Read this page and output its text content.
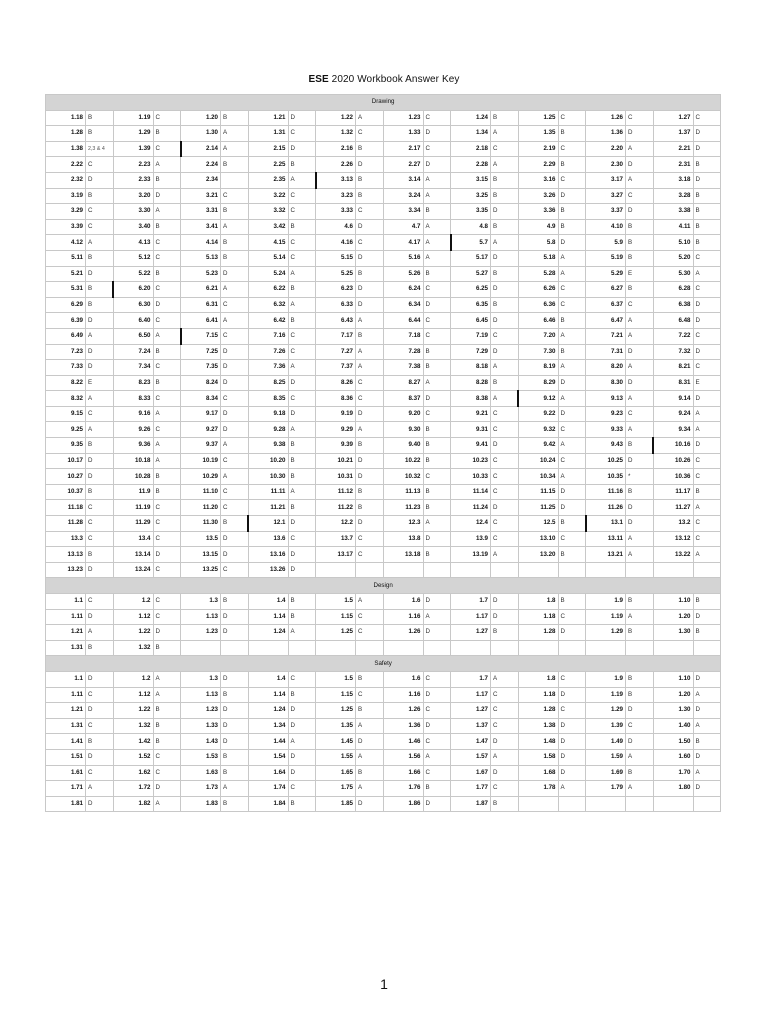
ESE 2020 Workbook Answer Key
Drawing																			
1.18	B	1.19	C	1.20	B	1.21	D	1.22	A	1.23	C	1.24	B	1.25	C	1.26	C	1.27	C
1.28	B	1.29	B	1.30	A	1.31	C	1.32	C	1.33	D	1.34	A	1.35	B	1.36	D	1.37	D
1.38	2,3 & 4	1.39	C	2.14	A	2.15	D	2.16	B	2.17	C	2.18	C	2.19	C	2.20	A	2.21	D
2.22	C	2.23	A	2.24	B	2.25	B	2.26	D	2.27	D	2.28	A	2.29	B	2.30	D	2.31	B
2.32	D	2.33	B	2.34		2.35	A	3.13	B	3.14	A	3.15	B	3.16	C	3.17	A	3.18	D
3.19	B	3.20	D	3.21	C	3.22	C	3.23	B	3.24	A	3.25	B	3.26	D	3.27	C	3.28	B
3.29	C	3.30	A	3.31	B	3.32	C	3.33	C	3.34	B	3.35	D	3.36	B	3.37	D	3.38	B
3.39	C	3.40	B	3.41	A	3.42	B	4.6	D	4.7	A	4.8	B	4.9	B	4.10	B	4.11	B
4.12	A	4.13	C	4.14	B	4.15	C	4.16	C	4.17	A	5.7	A	5.8	D	5.9	B	5.10	B
5.11	B	5.12	C	5.13	B	5.14	C	5.15	D	5.16	A	5.17	D	5.18	A	5.19	B	5.20	C
5.21	D	5.22	B	5.23	D	5.24	A	5.25	B	5.26	B	5.27	B	5.28	A	5.29	E	5.30	A
5.31	B	6.20	C	6.21	A	6.22	B	6.23	D	6.24	C	6.25	D	6.26	C	6.27	B	6.28	C
6.29	B	6.30	D	6.31	C	6.32	A	6.33	D	6.34	D	6.35	B	6.36	C	6.37	C	6.38	D
6.39	D	6.40	C	6.41	A	6.42	B	6.43	A	6.44	C	6.45	D	6.46	B	6.47	A	6.48	D
6.49	A	6.50	A	7.15	C	7.16	C	7.17	B	7.18	C	7.19	C	7.20	A	7.21	A	7.22	C
7.23	D	7.24	B	7.25	D	7.26	C	7.27	A	7.28	B	7.29	D	7.30	B	7.31	D	7.32	D
7.33	D	7.34	C	7.35	D	7.36	A	7.37	A	7.38	B	8.18	A	8.19	A	8.20	A	8.21	C
8.22	E	8.23	B	8.24	D	8.25	D	8.26	C	8.27	A	8.28	B	8.29	D	8.30	D	8.31	E
8.32	A	8.33	C	8.34	C	8.35	C	8.36	C	8.37	D	8.38	A	9.12	A	9.13	A	9.14	D
9.15	C	9.16	A	9.17	D	9.18	D	9.19	D	9.20	C	9.21	C	9.22	D	9.23	C	9.24	A
9.25	A	9.26	C	9.27	D	9.28	A	9.29	A	9.30	B	9.31	C	9.32	C	9.33	A	9.34	A
9.35	B	9.36	A	9.37	A	9.38	B	9.39	B	9.40	B	9.41	D	9.42	A	9.43	B	10.16	D
10.17	D	10.18	A	10.19	C	10.20	B	10.21	D	10.22	B	10.23	C	10.24	C	10.25	D	10.26	C
10.27	D	10.28	B	10.29	A	10.30	B	10.31	D	10.32	C	10.33	C	10.34	A	10.35	*	10.36	C
10.37	B	11.9	B	11.10	C	11.11	A	11.12	B	11.13	B	11.14	C	11.15	D	11.16	B	11.17	B
11.18	C	11.19	C	11.20	C	11.21	B	11.22	B	11.23	B	11.24	D	11.25	D	11.26	D	11.27	A
11.28	C	11.29	C	11.30	B	12.1	D	12.2	D	12.3	A	12.4	C	12.5	B	13.1	D	13.2	C
13.3	C	13.4	C	13.5	D	13.6	C	13.7	C	13.8	D	13.9	C	13.10	C	13.11	A	13.12	C
13.13	B	13.14	D	13.15	D	13.16	D	13.17	C	13.18	B	13.19	A	13.20	B	13.21	A	13.22	A
13.23	D	13.24	C	13.25	C	13.26	D												
Design																			
1.1	C	1.2	C	1.3	B	1.4	B	1.5	A	1.6	D	1.7	D	1.8	B	1.9	B	1.10	B
1.11	D	1.12	C	1.13	D	1.14	B	1.15	C	1.16	A	1.17	D	1.18	C	1.19	A	1.20	D
1.21	A	1.22	D	1.23	D	1.24	A	1.25	C	1.26	D	1.27	B	1.28	D	1.29	B	1.30	B
1.31	B	1.32	B																
Safety																			
1.1	D	1.2	A	1.3	D	1.4	C	1.5	B	1.6	C	1.7	A	1.8	C	1.9	B	1.10	D
1.11	C	1.12	A	1.13	B	1.14	B	1.15	C	1.16	D	1.17	C	1.18	D	1.19	B	1.20	A
1.21	D	1.22	B	1.23	D	1.24	D	1.25	B	1.26	C	1.27	C	1.28	C	1.29	D	1.30	D
1.31	C	1.32	B	1.33	D	1.34	D	1.35	A	1.36	D	1.37	C	1.38	D	1.39	C	1.40	A
1.41	B	1.42	B	1.43	D	1.44	A	1.45	D	1.46	C	1.47	D	1.48	D	1.49	D	1.50	B
1.51	D	1.52	C	1.53	B	1.54	D	1.55	A	1.56	A	1.57	A	1.58	D	1.59	A	1.60	D
1.61	C	1.62	C	1.63	B	1.64	D	1.65	B	1.66	C	1.67	D	1.68	D	1.69	B	1.70	A
1.71	A	1.72	D	1.73	A	1.74	C	1.75	A	1.76	B	1.77	C	1.78	A	1.79	A	1.80	D
1.81	D	1.82	A	1.83	B	1.84	B	1.85	D	1.86	D	1.87	B						
1
